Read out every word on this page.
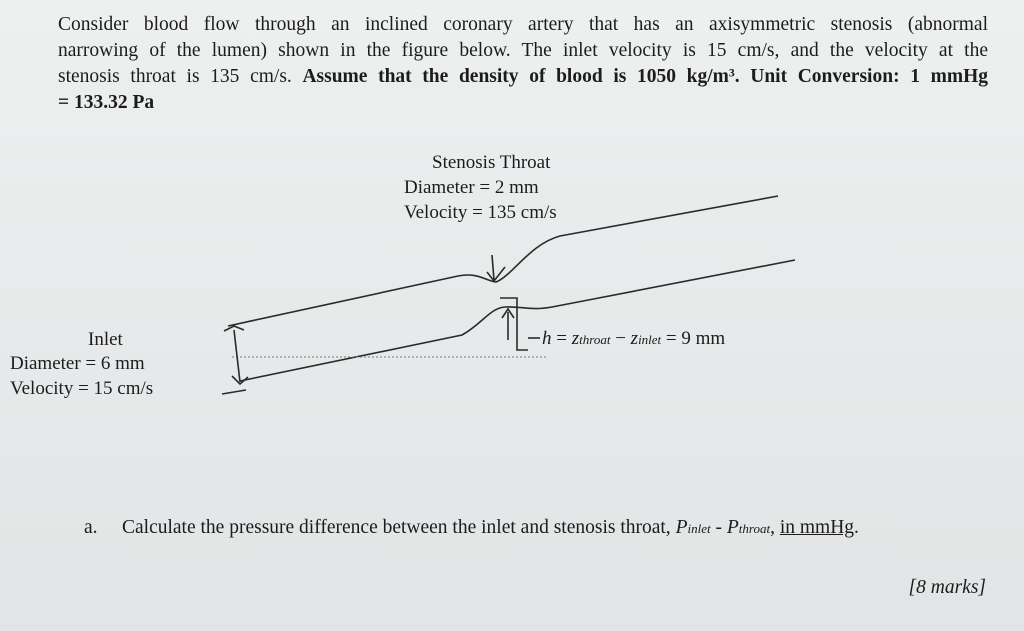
Consider blood flow through an inclined coronary artery that has an axisymmetric stenosis (abnormal
narrowing of the lumen) shown in the figure below. The inlet velocity is 15 cm/s, and the velocity at the
stenosis throat is 135 cm/s. Assume that the density of blood is 1050 kg/m³. Unit Conversion: 1 mmHg
= 133.32 Pa
Stenosis Throat
Diameter = 2 mm
Velocity = 135 cm/s
Inlet
Diameter = 6 mm
Velocity = 15 cm/s
h = zthroat − zinlet = 9 mm
a. Calculate the pressure difference between the inlet and stenosis throat, Pinlet - Pthroat, in mmHg.
[8 marks]
